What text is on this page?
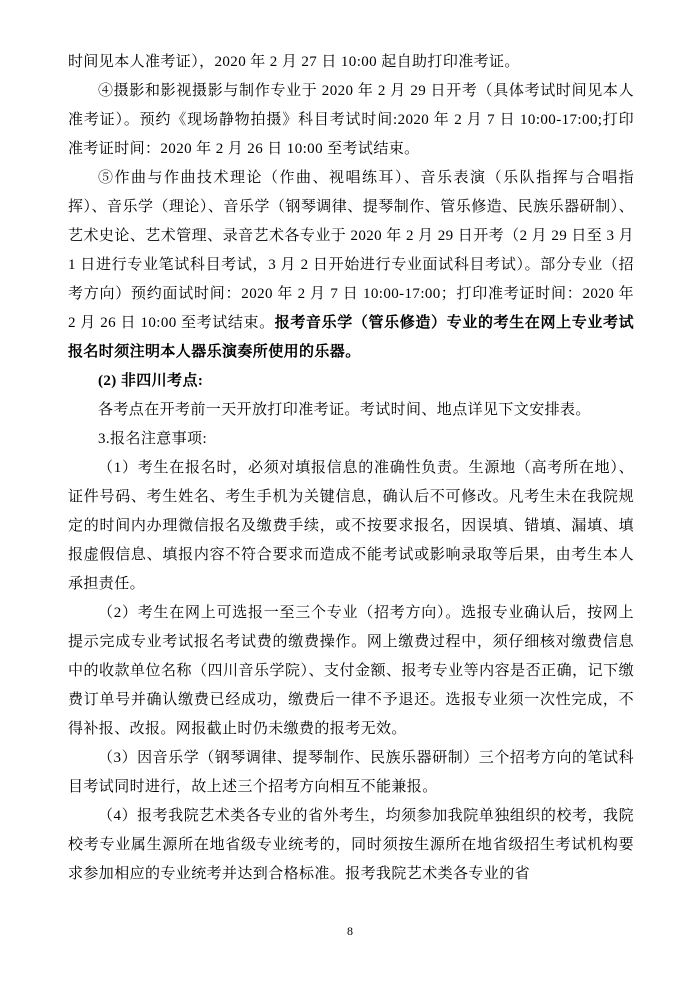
时间见本人准考证），2020 年 2 月 27 日 10:00 起自助打印准考证。

④摄影和影视摄影与制作专业于 2020 年 2 月 29 日开考（具体考试时间见本人准考证）。预约《现场静物拍摄》科目考试时间:2020 年 2 月 7 日 10:00-17:00;打印准考证时间：2020 年 2 月 26 日 10:00 至考试结束。

⑤作曲与作曲技术理论（作曲、视唱练耳）、音乐表演（乐队指挥与合唱指挥）、音乐学（理论）、音乐学（钢琴调律、提琴制作、管乐修造、民族乐器研制）、艺术史论、艺术管理、录音艺术各专业于 2020 年 2 月 29 日开考（2 月 29 日至 3 月 1 日进行专业笔试科目考试，3 月 2 日开始进行专业面试科目考试）。部分专业（招考方向）预约面试时间：2020 年 2 月 7 日 10:00-17:00；打印准考证时间：2020 年 2 月 26 日 10:00 至考试结束。报考音乐学（管乐修造）专业的考生在网上专业考试报名时须注明本人器乐演奏所使用的乐器。

(2) 非四川考点:

各考点在开考前一天开放打印准考证。考试时间、地点详见下文安排表。

3.报名注意事项:

（1）考生在报名时，必须对填报信息的准确性负责。生源地（高考所在地）、证件号码、考生姓名、考生手机为关键信息，确认后不可修改。凡考生未在我院规定的时间内办理微信报名及缴费手续，或不按要求报名，因误填、错填、漏填、填报虚假信息、填报内容不符合要求而造成不能考试或影响录取等后果，由考生本人承担责任。

（2）考生在网上可选报一至三个专业（招考方向）。选报专业确认后，按网上提示完成专业考试报名考试费的缴费操作。网上缴费过程中，须仔细核对缴费信息中的收款单位名称（四川音乐学院）、支付金额、报考专业等内容是否正确，记下缴费订单号并确认缴费已经成功，缴费后一律不予退还。选报专业须一次性完成，不得补报、改报。网报截止时仍未缴费的报考无效。

（3）因音乐学（钢琴调律、提琴制作、民族乐器研制）三个招考方向的笔试科目考试同时进行，故上述三个招考方向相互不能兼报。

（4）报考我院艺术类各专业的省外考生，均须参加我院单独组织的校考，我院校考专业属生源所在地省级专业统考的，同时须按生源所在地省级招生考试机构要求参加相应的专业统考并达到合格标准。报考我院艺术类各专业的省

8
